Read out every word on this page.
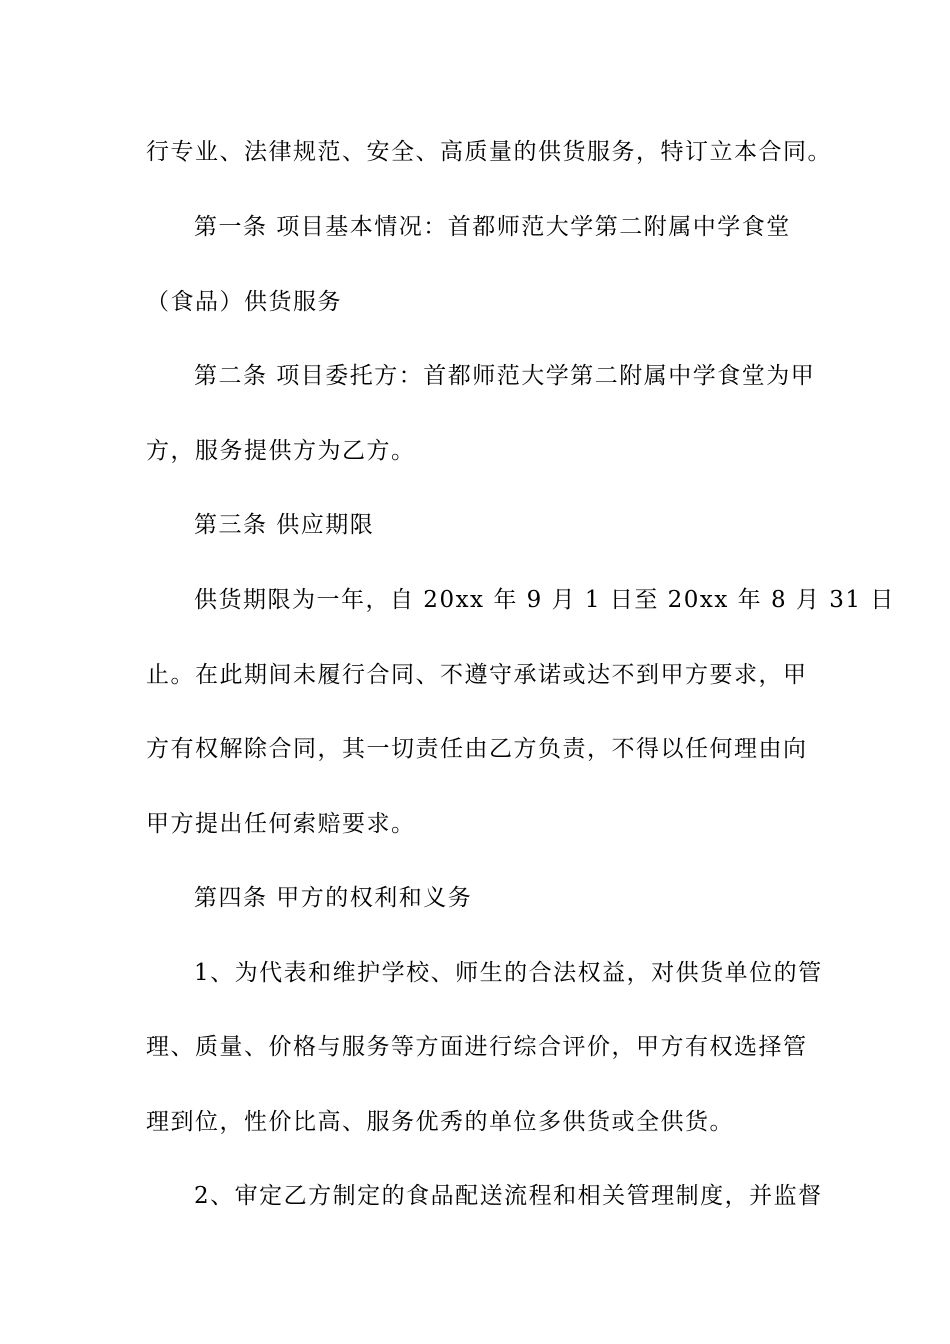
行专业、法律规范、安全、高质量的供货服务，特订立本合同。
第一条 项目基本情况：首都师范大学第二附属中学食堂
（食品）供货服务
第二条 项目委托方：首都师范大学第二附属中学食堂为甲
方，服务提供方为乙方。
第三条 供应期限
供货期限为一年，自 20xx 年 9 月 1 日至 20xx 年 8 月 31 日
止。在此期间未履行合同、不遵守承诺或达不到甲方要求，甲
方有权解除合同，其一切责任由乙方负责，不得以任何理由向
甲方提出任何索赔要求。
第四条 甲方的权利和义务
1、为代表和维护学校、师生的合法权益，对供货单位的管
理、质量、价格与服务等方面进行综合评价，甲方有权选择管
理到位，性价比高、服务优秀的单位多供货或全供货。
2、审定乙方制定的食品配送流程和相关管理制度，并监督
